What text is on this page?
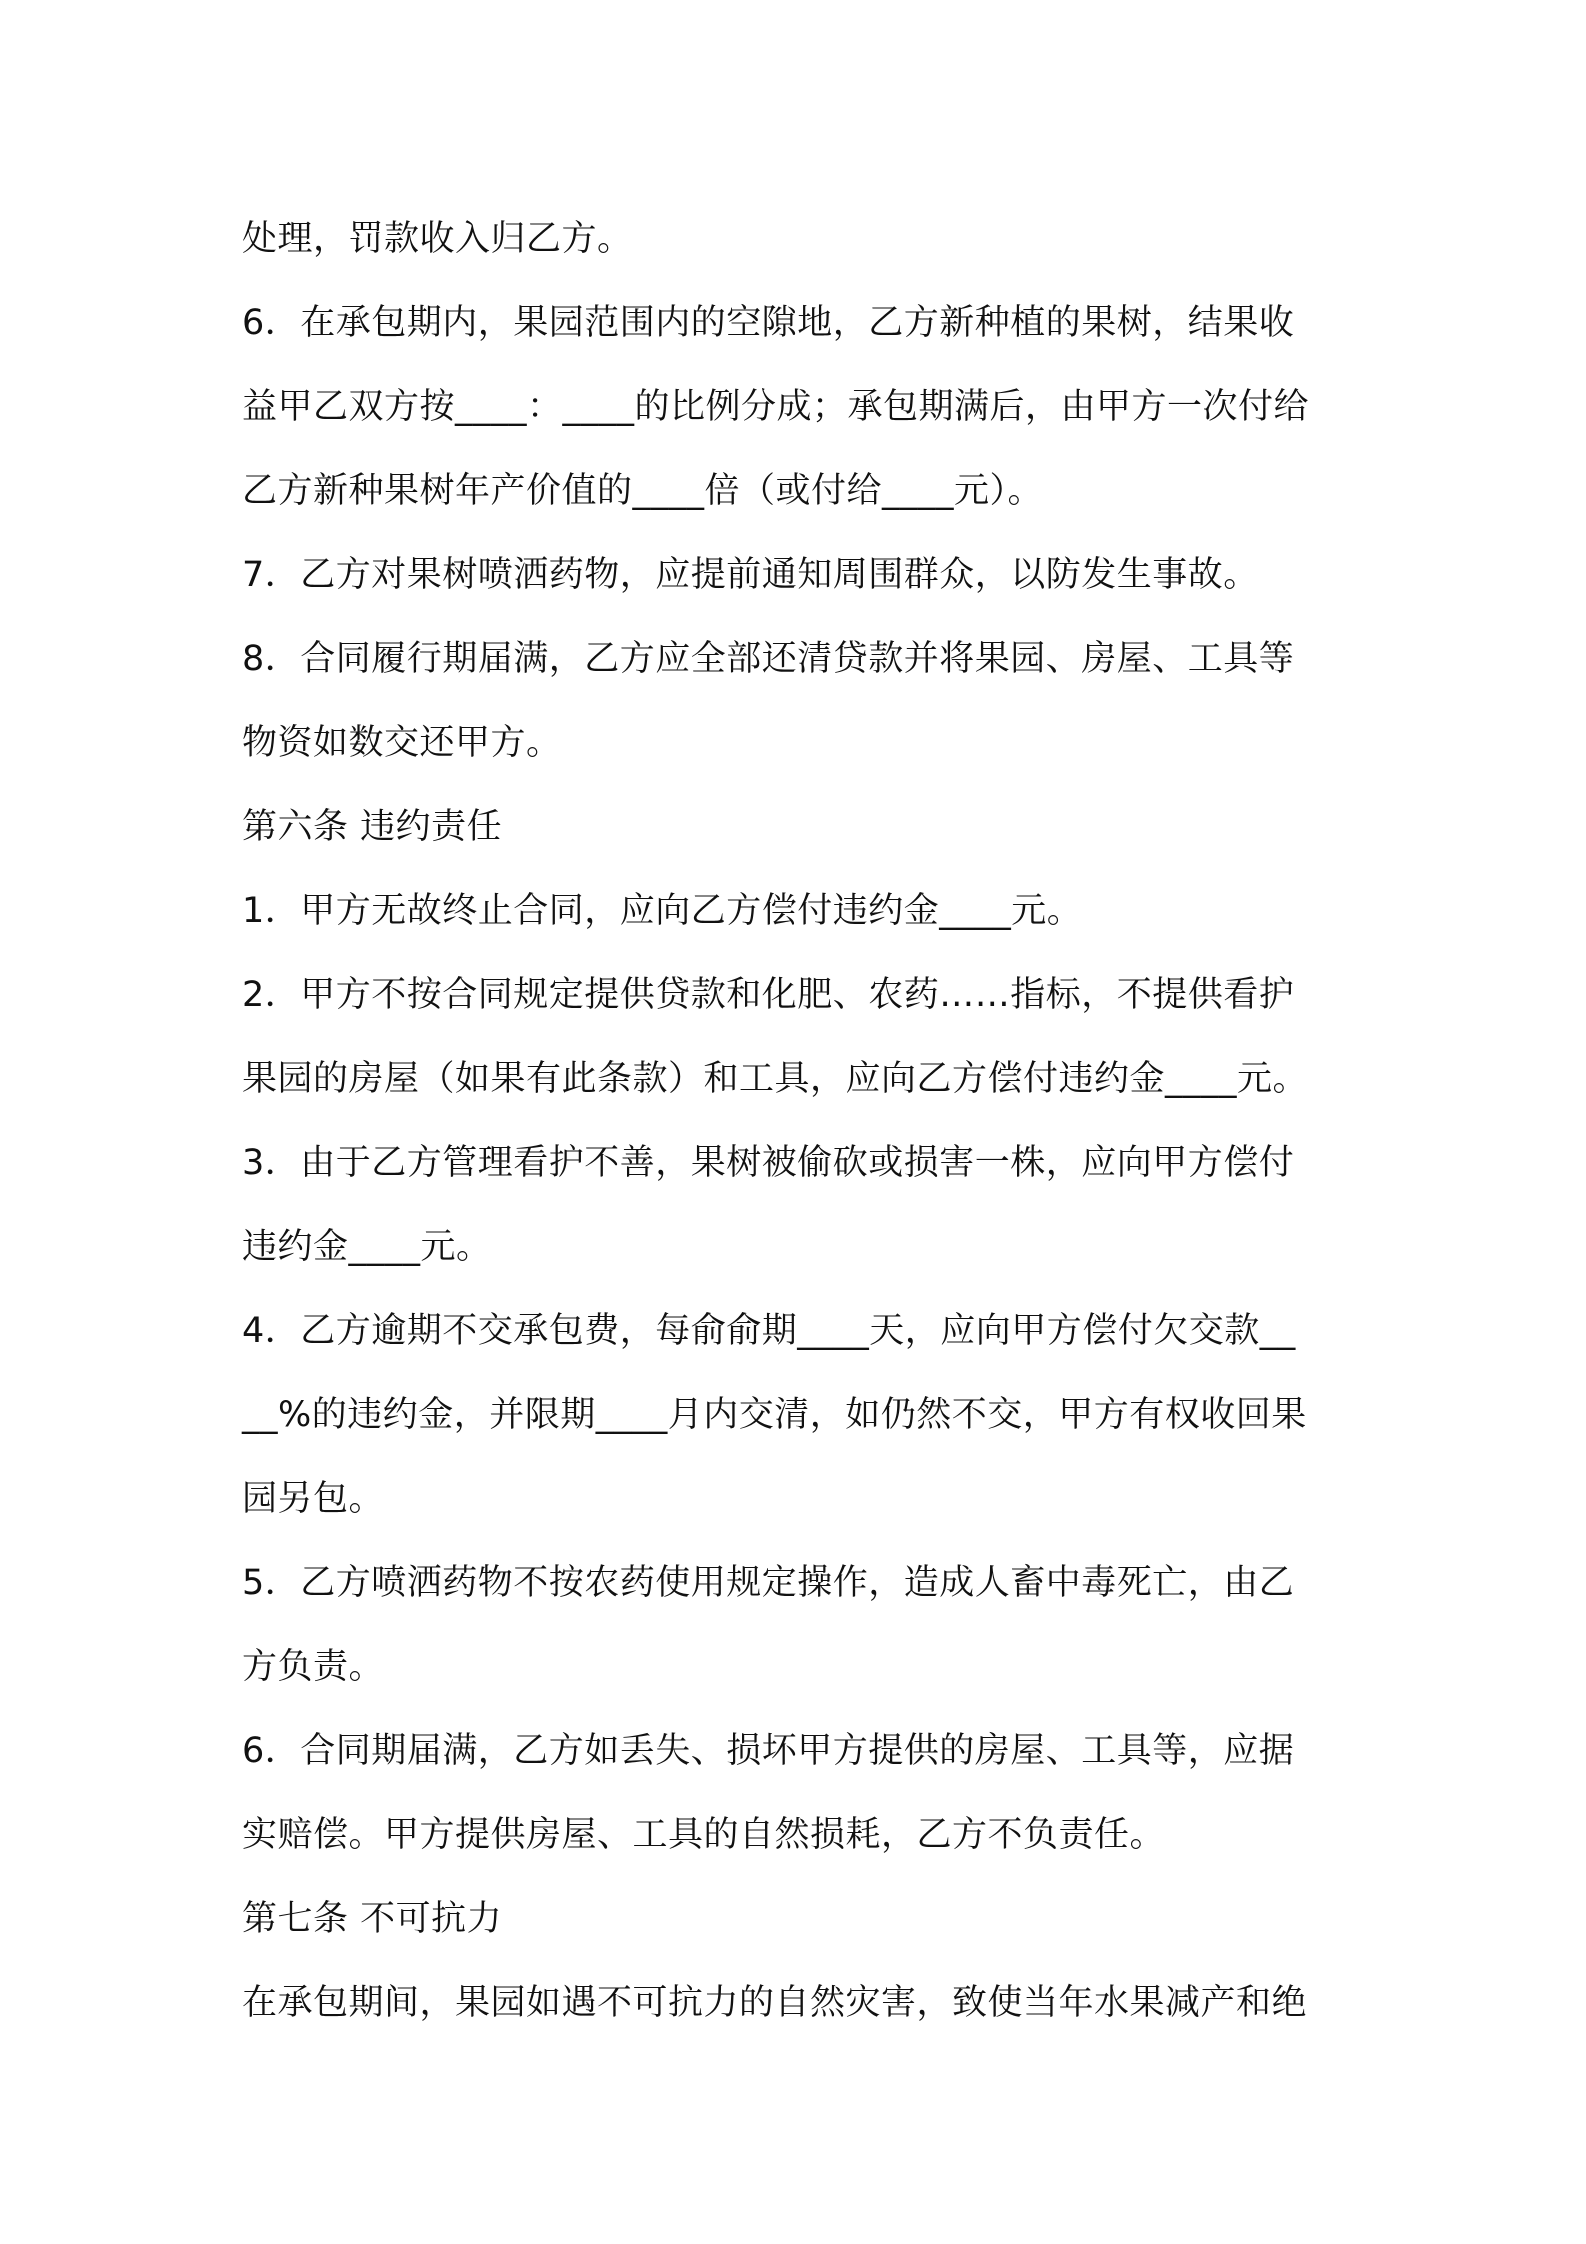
处理，罚款收入归乙方。
6．在承包期内，果园范围内的空隙地，乙方新种植的果树，结果收
益甲乙双方按____：____的比例分成；承包期满后，由甲方一次付给
乙方新种果树年产价值的____倍（或付给____元）。
7．乙方对果树喷洒药物，应提前通知周围群众，以防发生事故。
8．合同履行期届满，乙方应全部还清贷款并将果园、房屋、工具等
物资如数交还甲方。
第六条 违约责任
1．甲方无故终止合同，应向乙方偿付违约金____元。
2．甲方不按合同规定提供贷款和化肥、农药……指标，不提供看护
果园的房屋（如果有此条款）和工具，应向乙方偿付违约金____元。
3．由于乙方管理看护不善，果树被偷砍或损害一株，应向甲方偿付
违约金____元。
4．乙方逾期不交承包费，每俞俞期____天，应向甲方偿付欠交款__
__%的违约金，并限期____月内交清，如仍然不交，甲方有权收回果
园另包。
5．乙方喷洒药物不按农药使用规定操作，造成人畜中毒死亡，由乙
方负责。
6．合同期届满，乙方如丢失、损坏甲方提供的房屋、工具等，应据
实赔偿。甲方提供房屋、工具的自然损耗，乙方不负责任。
第七条 不可抗力
在承包期间，果园如遇不可抗力的自然灾害，致使当年水果减产和绝
